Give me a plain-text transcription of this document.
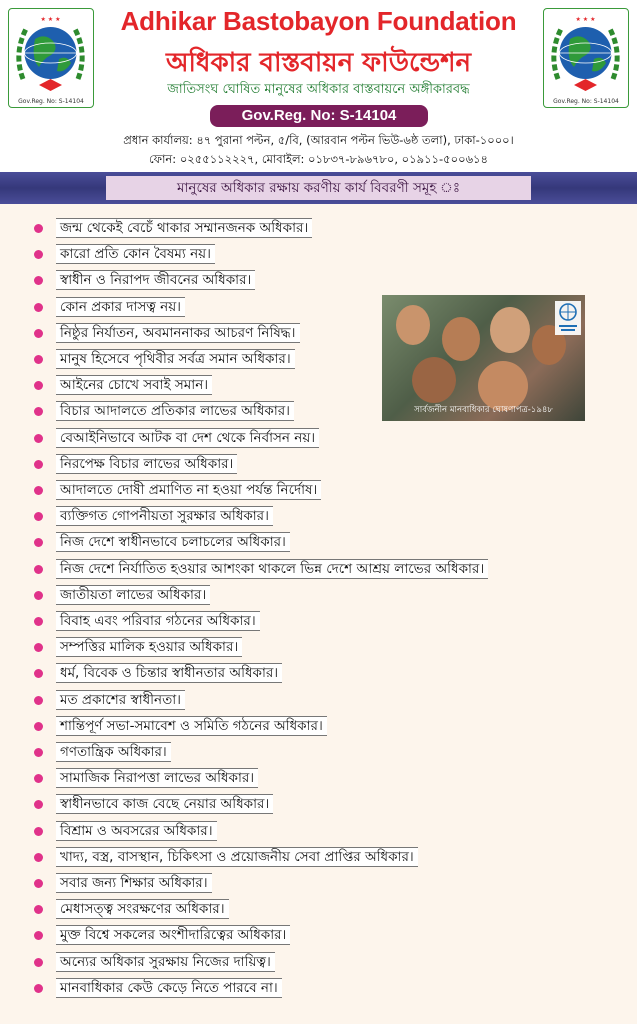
★ ★ ★
Gov.Reg. No: S-14104
Adhikar Bastobayon Foundation
অধিকার বাস্তবায়ন ফাউন্ডেশন
জাতিসংঘ ঘোষিত মানুষের অধিকার বাস্তবায়নে অঙ্গীকারবদ্ধ
Gov.Reg. No: S-14104
প্রধান কার্যালয়: ৪৭ পুরানা পল্টন, ৫/বি, (আরবান পল্টন ভিউ-৬ষ্ঠ তলা), ঢাকা-১০০০।
ফোন: ০২৫৫১১২২২৭, মোবাইল: ০১৮৩৭-৮৯৬৭৮০, ০১৯১১-৫০০৬১৪
★ ★ ★
Gov.Reg. No: S-14104
মানুষের অধিকার রক্ষায় করণীয় কার্য বিবরণী সমূহ ঃ
জন্ম থেকেই বেচেঁ থাকার সম্মানজনক অধিকার।
কারো প্রতি কোন বৈষম্য নয়।
স্বাধীন ও নিরাপদ জীবনের অধিকার।
কোন প্রকার দাসত্ব নয়।
নিষ্ঠুর নির্যাতন, অবমাননাকর আচরণ নিষিদ্ধ।
মানুষ হিসেবে পৃথিবীর সর্বত্র সমান অধিকার।
আইনের চোখে সবাই সমান।
বিচার আদালতে প্রতিকার লাভের অধিকার।
বেআইনিভাবে আটক বা দেশ থেকে নির্বাসন নয়।
নিরপেক্ষ বিচার লাভের অধিকার।
আদালতে দোষী প্রমাণিত না হওয়া পর্যন্ত নির্দোষ।
ব্যক্তিগত গোপনীয়তা সুরক্ষার অধিকার।
নিজ দেশে স্বাধীনভাবে চলাচলের অধিকার।
নিজ দেশে নির্যাতিত হওয়ার আশংকা থাকলে ভিন্ন দেশে আশ্রয় লাভের অধিকার।
জাতীয়তা লাভের অধিকার।
বিবাহ এবং পরিবার গঠনের অধিকার।
সম্পত্তির মালিক হওয়ার অধিকার।
ধর্ম, বিবেক ও চিন্তার স্বাধীনতার অধিকার।
মত প্রকাশের স্বাধীনতা।
শান্তিপূর্ণ সভা-সমাবেশ ও সমিতি গঠনের অধিকার।
গণতান্ত্রিক অধিকার।
সামাজিক নিরাপত্তা লাভের অধিকার।
স্বাধীনভাবে কাজ বেছে নেয়ার অধিকার।
বিশ্রাম ও অবসরের অধিকার।
খাদ্য, বস্ত্র, বাসস্থান, চিকিৎসা ও প্রয়োজনীয় সেবা প্রাপ্তির অধিকার।
সবার জন্য শিক্ষার অধিকার।
মেধাসত্ত্ব সংরক্ষণের অধিকার।
মুক্ত বিশ্বে সকলের অংশীদারিত্বের অধিকার।
অন্যের অধিকার সুরক্ষায় নিজের দায়িত্ব।
মানবাধিকার কেউ কেড়ে নিতে পারবে না।
সার্বজনীন মানবাধিকার ঘোষণাপত্র-১৯৪৮
